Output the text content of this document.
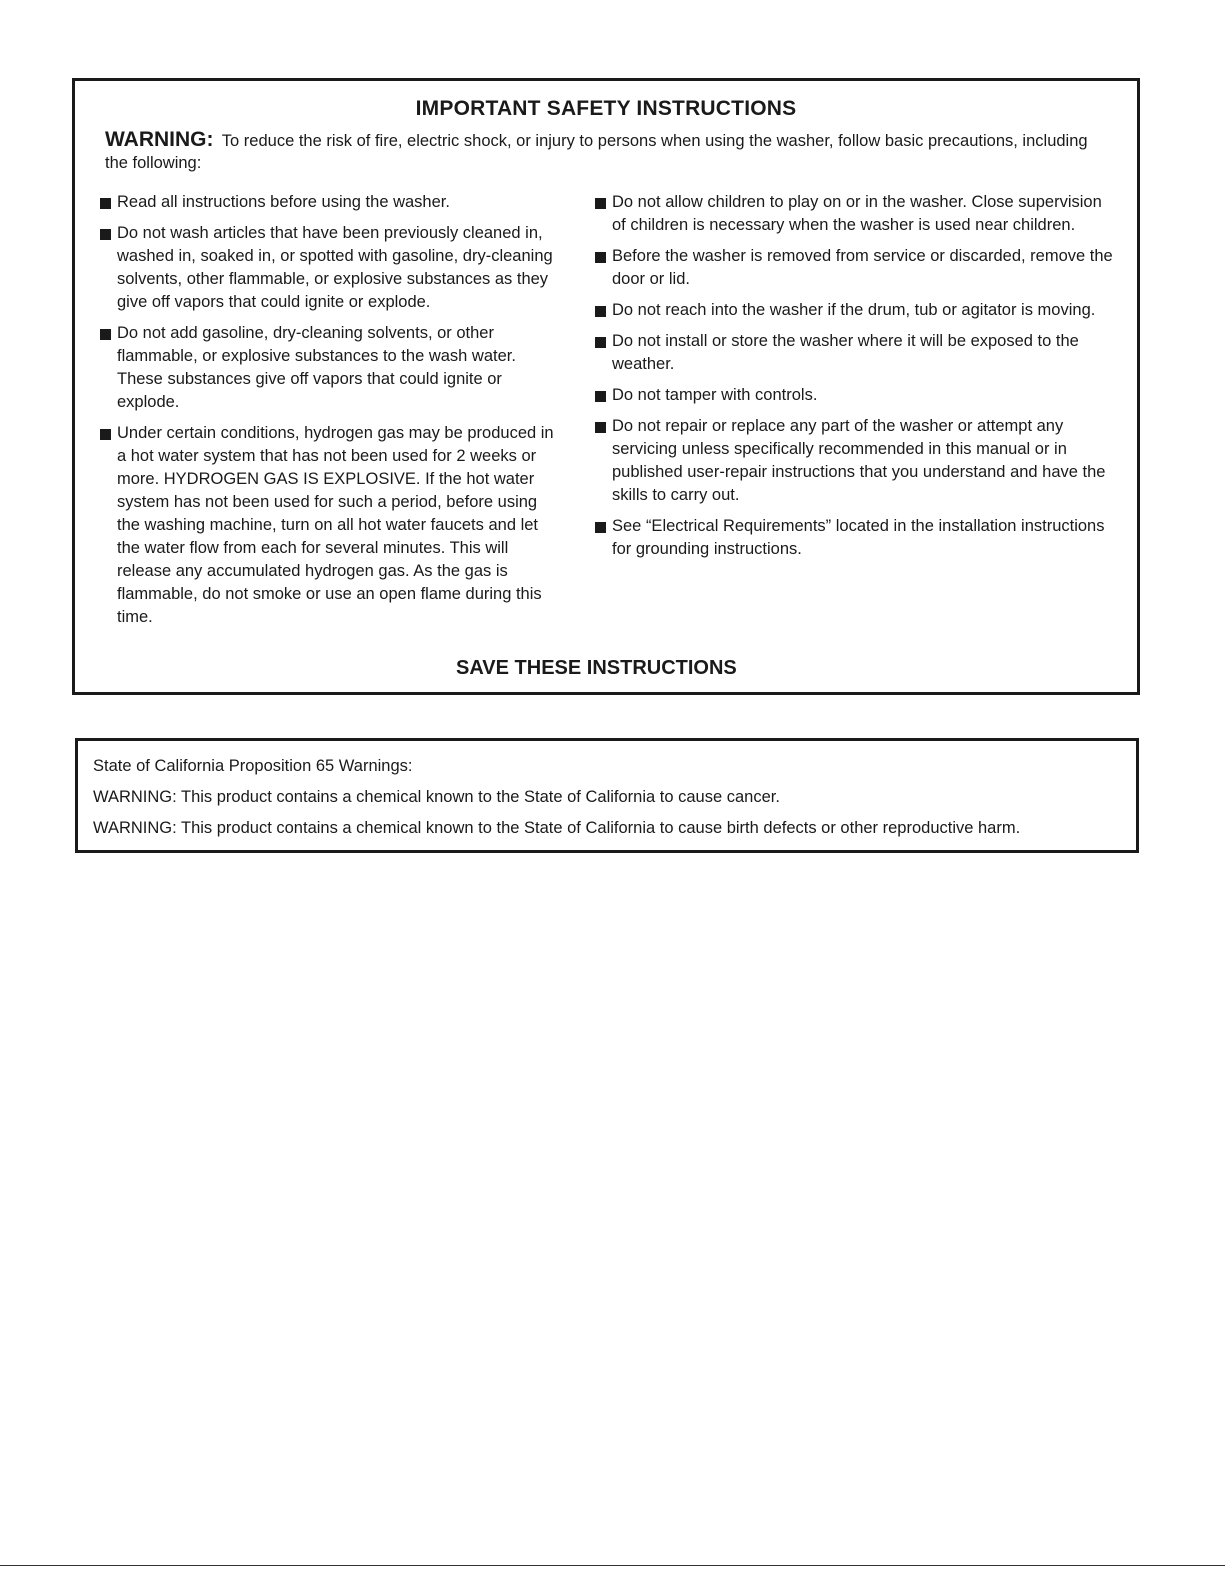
IMPORTANT SAFETY INSTRUCTIONS
WARNING: To reduce the risk of fire, electric shock, or injury to persons when using the washer, follow basic precautions, including the following:
Read all instructions before using the washer.
Do not wash articles that have been previously cleaned in, washed in, soaked in, or spotted with gasoline, dry-cleaning solvents, other flammable, or explosive substances as they give off vapors that could ignite or explode.
Do not add gasoline, dry-cleaning solvents, or other flammable, or explosive substances to the wash water. These substances give off vapors that could ignite or explode.
Under certain conditions, hydrogen gas may be produced in a hot water system that has not been used for 2 weeks or more. HYDROGEN GAS IS EXPLOSIVE. If the hot water system has not been used for such a period, before using the washing machine, turn on all hot water faucets and let the water flow from each for several minutes. This will release any accumulated hydrogen gas. As the gas is flammable, do not smoke or use an open flame during this time.
Do not allow children to play on or in the washer. Close supervision of children is necessary when the washer is used near children.
Before the washer is removed from service or discarded, remove the door or lid.
Do not reach into the washer if the drum, tub or agitator is moving.
Do not install or store the washer where it will be exposed to the weather.
Do not tamper with controls.
Do not repair or replace any part of the washer or attempt any servicing unless specifically recommended in this manual or in published user-repair instructions that you understand and have the skills to carry out.
See “Electrical Requirements” located in the installation instructions for grounding instructions.
SAVE THESE INSTRUCTIONS
State of California Proposition 65 Warnings:
WARNING: This product contains a chemical known to the State of California to cause cancer.
WARNING: This product contains a chemical known to the State of California to cause birth defects or other reproductive harm.
